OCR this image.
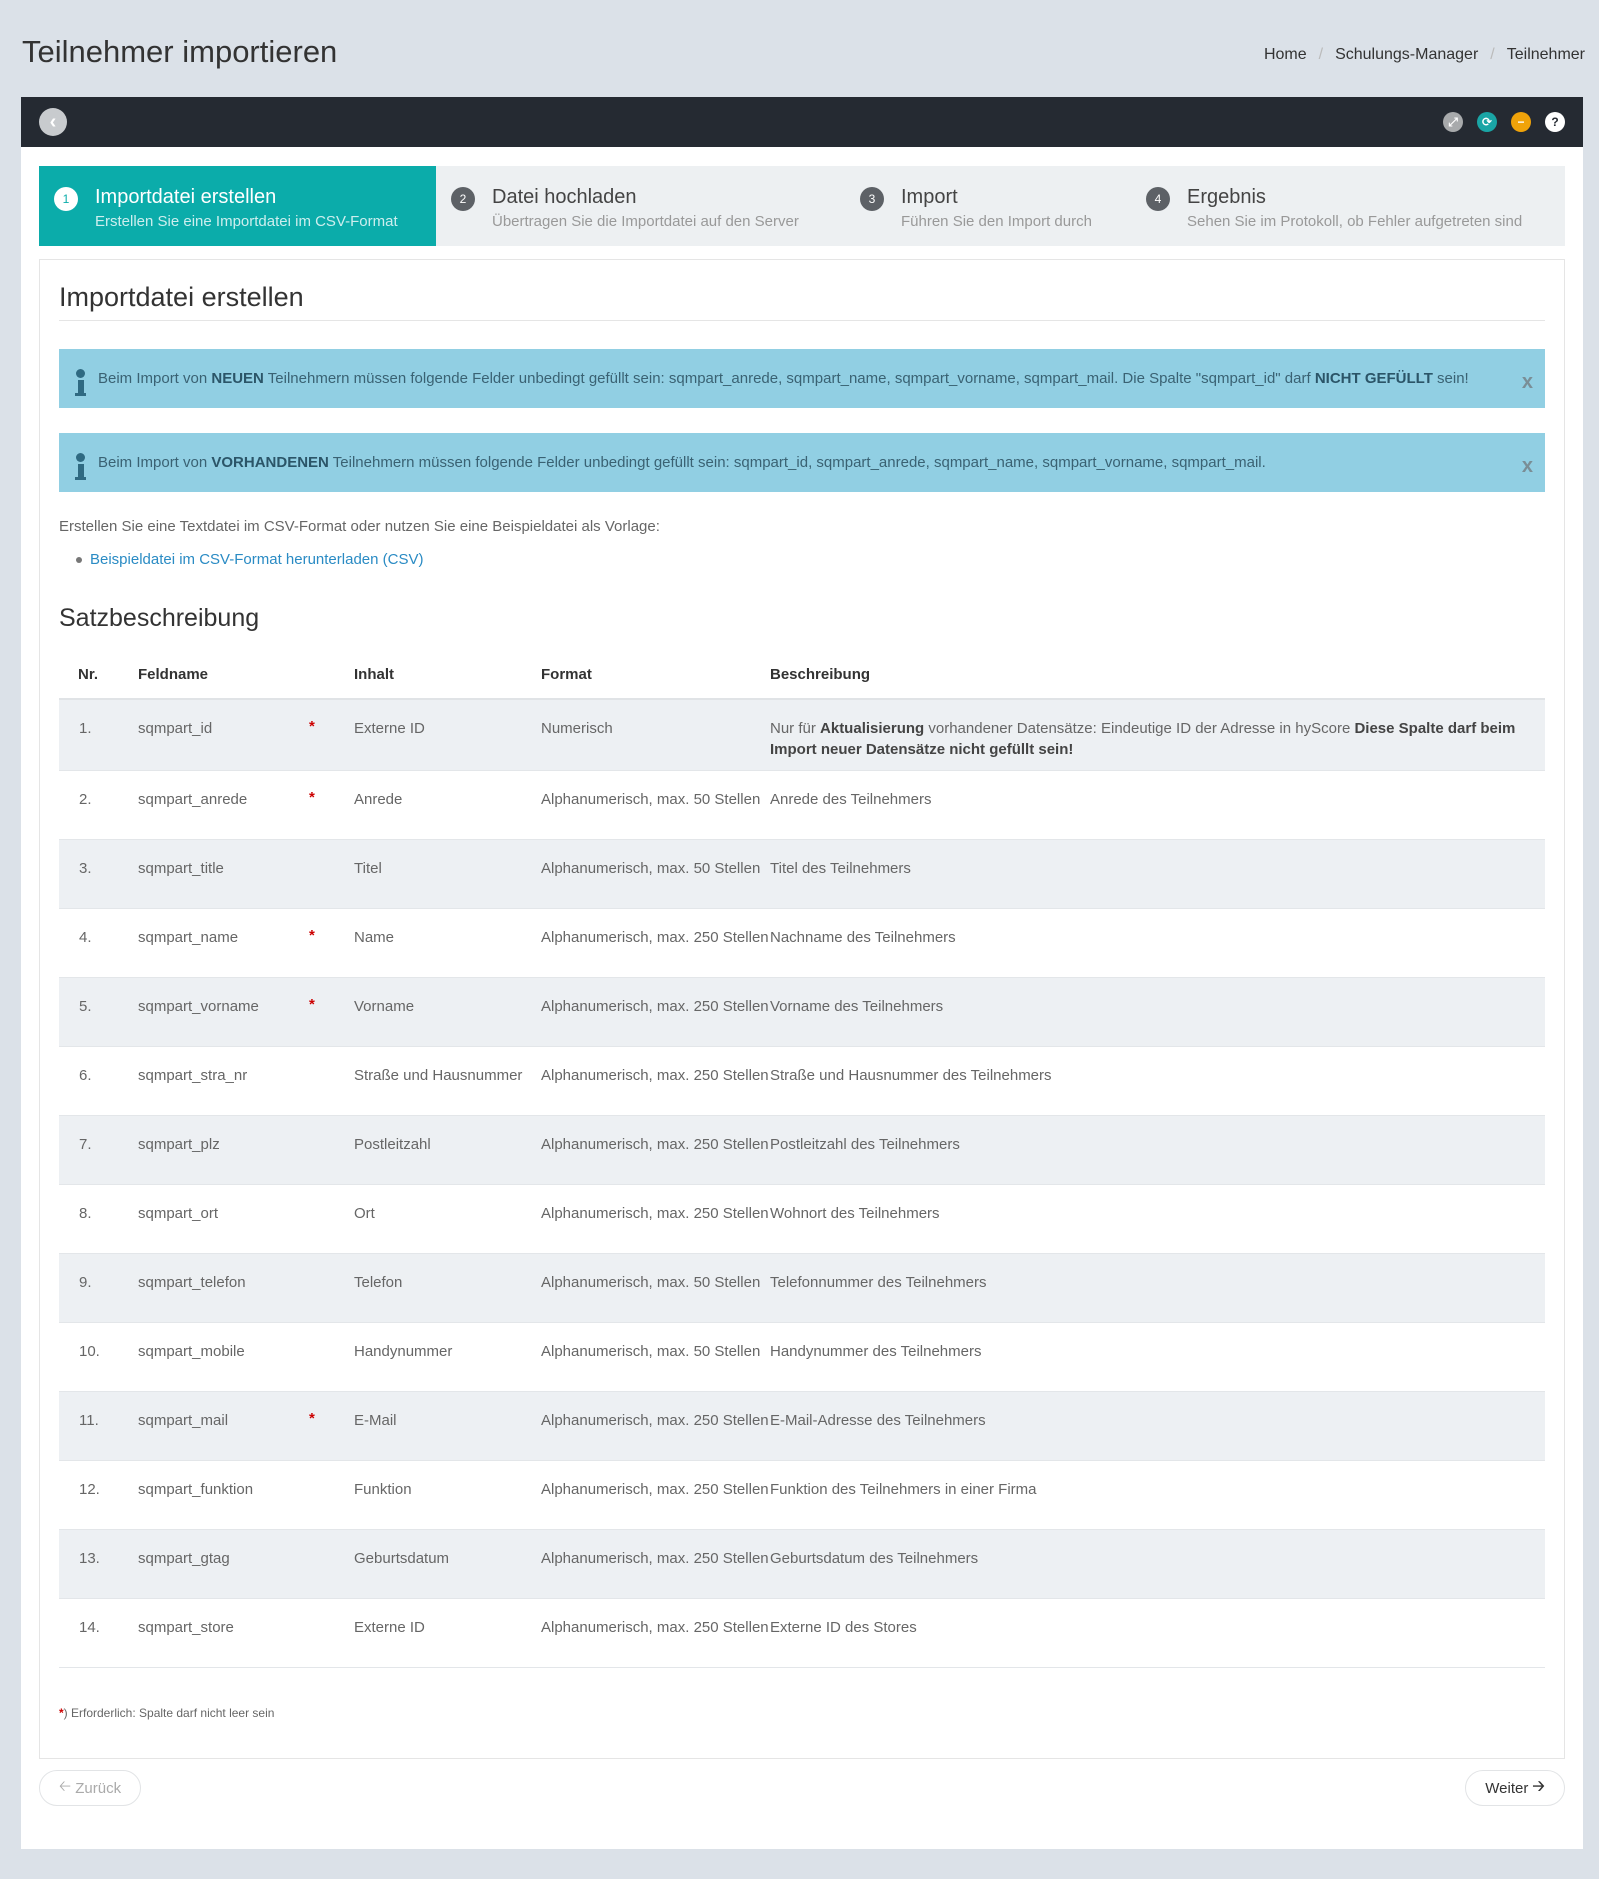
Teilnehmer importieren	Home / Schulungs-Manager / Teilnehmer
‹	⤢	⟳	−	?
1	Importdatei erstellen
Erstellen Sie eine Importdatei im CSV-Format
2	Datei hochladen
Übertragen Sie die Importdatei auf den Server
3	Import
Führen Sie den Import durch
4	Ergebnis
Sehen Sie im Protokoll, ob Fehler aufgetreten sind
Importdatei erstellen
Beim Import von NEUEN Teilnehmern müssen folgende Felder unbedingt gefüllt sein: sqmpart_anrede, sqmpart_name, sqmpart_vorname, sqmpart_mail. Die Spalte "sqmpart_id" darf NICHT GEFÜLLT sein!	x
Beim Import von VORHANDENEN Teilnehmern müssen folgende Felder unbedingt gefüllt sein: sqmpart_id, sqmpart_anrede, sqmpart_name, sqmpart_vorname, sqmpart_mail.	x

Erstellen Sie eine Textdatei im CSV-Format oder nutzen Sie eine Beispieldatei als Vorlage:

Beispieldatei im CSV-Format herunterladen (CSV)
Satzbeschreibung
Nr.	Feldname	Inhalt	Format	Beschreibung
1.	sqmpart_id *	Externe ID	Numerisch	Nur für Aktualisierung vorhandener Datensätze: Eindeutige ID der Adresse in hyScore Diese Spalte darf beim Import neuer Datensätze nicht gefüllt sein!
2.	sqmpart_anrede *	Anrede	Alphanumerisch, max. 50 Stellen	Anrede des Teilnehmers
3.	sqmpart_title	Titel	Alphanumerisch, max. 50 Stellen	Titel des Teilnehmers
4.	sqmpart_name *	Name	Alphanumerisch, max. 250 Stellen	Nachname des Teilnehmers
5.	sqmpart_vorname *	Vorname	Alphanumerisch, max. 250 Stellen	Vorname des Teilnehmers
6.	sqmpart_stra_nr	Straße und Hausnummer	Alphanumerisch, max. 250 Stellen	Straße und Hausnummer des Teilnehmers
7.	sqmpart_plz	Postleitzahl	Alphanumerisch, max. 250 Stellen	Postleitzahl des Teilnehmers
8.	sqmpart_ort	Ort	Alphanumerisch, max. 250 Stellen	Wohnort des Teilnehmers
9.	sqmpart_telefon	Telefon	Alphanumerisch, max. 50 Stellen	Telefonnummer des Teilnehmers
10.	sqmpart_mobile	Handynummer	Alphanumerisch, max. 50 Stellen	Handynummer des Teilnehmers
11.	sqmpart_mail *	E-Mail	Alphanumerisch, max. 250 Stellen	E-Mail-Adresse des Teilnehmers
12.	sqmpart_funktion	Funktion	Alphanumerisch, max. 250 Stellen	Funktion des Teilnehmers in einer Firma
13.	sqmpart_gtag	Geburtsdatum	Alphanumerisch, max. 250 Stellen	Geburtsdatum des Teilnehmers
14.	sqmpart_store	Externe ID	Alphanumerisch, max. 250 Stellen	Externe ID des Stores
*) Erforderlich: Spalte darf nicht leer sein
🡠 Zurück	Weiter 🡢
